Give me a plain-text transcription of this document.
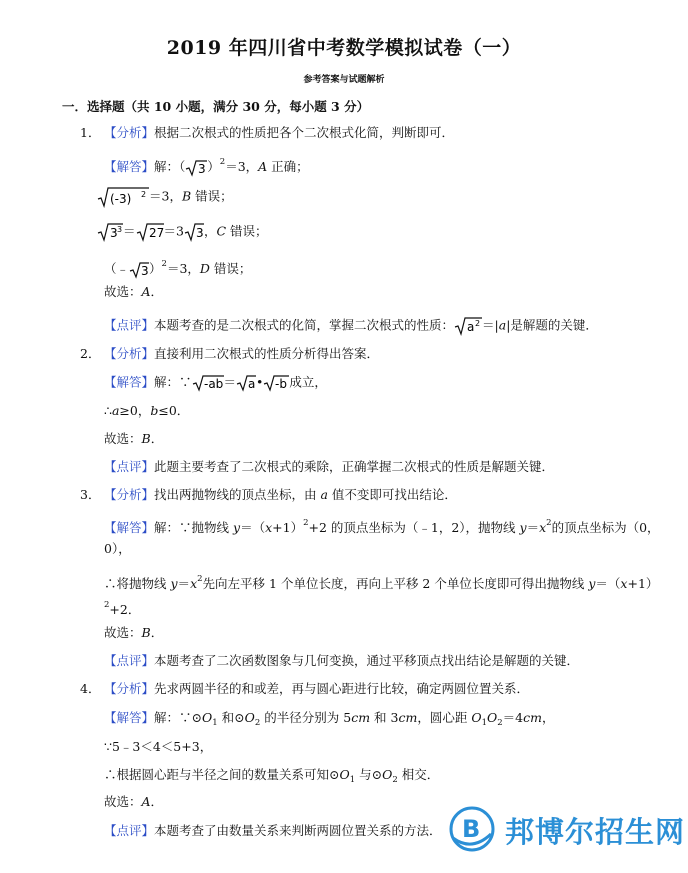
2019 年四川省中考数学模拟试卷（一）
参考答案与试题解析
一．选择题（共 10 小题，满分 30 分，每小题 3 分）
1． 【分析】根据二次根式的性质把各个二次根式化简，判断即可．
【解答】解：（ 3 ）$^2$＝3，A 正确；
(-3) 2 ＝3，B 错误；
3 3 ＝ 27 ＝3 3 ，C 错误；
（﹣ 3 ）$^2$＝3，D 错误；
故选：A．
【点评】本题考查的是二次根式的化简，掌握二次根式的性质： a 2 ＝|a|是解题的关键．
2． 【分析】直接利用二次根式的性质分析得出答案．
【解答】解：∵ -ab ＝ a • -b 成立，
∴a≥0，b≤0．
故选：B．
【点评】此题主要考查了二次根式的乘除，正确掌握二次根式的性质是解题关键．
3． 【分析】找出两抛物线的顶点坐标，由 a 值不变即可找出结论．
【解答】解：∵抛物线 $y=(x+1)^2+2$ 的顶点坐标为（﹣1，2），抛物线 $y=x^2$的顶点坐标为（0，
0），
∴将抛物线 $y=x^2$先向左平移 1 个单位长度，再向上平移 2 个单位长度即可得出抛物线 y＝（x+1）
$^2$+2．
故选：B．
【点评】本题考查了二次函数图象与几何变换，通过平移顶点找出结论是解题的关键．
4． 【分析】先求两圆半径的和或差，再与圆心距进行比较，确定两圆位置关系．
【解答】解：$\because⊙O_1$ 和$⊙O_2$ 的半径分别为 5cm 和 3cm，圆心距 $O_1O_2=4cm$，
∵5﹣3＜4＜5+3，
∴根据圆心距与半径之间的数量关系可知$⊙O_1$ 与$⊙O_2$ 相交．
故选：A．
【点评】本题考查了由数量关系来判断两圆位置关系的方法． B 邦博尔招生网
